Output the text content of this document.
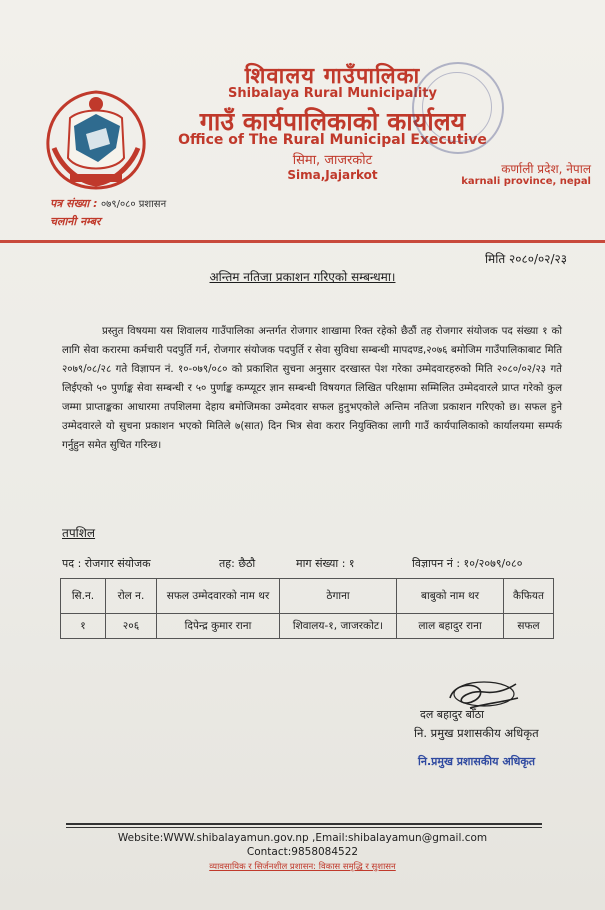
शिवालय गाउँपालिका
Shibalaya Rural Municipality
गाउँ कार्यपालिकाको कार्यालय
Office of The Rural Municipal Executive
सिमा, जाजरकोट
Sima,Jajarkot	कर्णाली प्रदेश, नेपाल
karnali province, nepal
पत्र संख्या : ०७९/०८० प्रशासन
चलानी नम्बर
मिति २०८०/०२/२३
अन्तिम नतिजा प्रकाशन गरिएको सम्बन्धमा।
प्रस्तुत विषयमा यस शिवालय गाउँपालिका अन्तर्गत रोजगार शाखामा रिक्त रहेको छैठौं तह रोजगार संयोजक पद संख्या १ को लागि सेवा करारमा कर्मचारी पदपुर्ति गर्न, रोजगार संयोजक पदपुर्ति र सेवा सुविधा सम्बन्धी मापदण्ड,२०७६ बमोजिम गाउँपालिकाबाट मिति २०७९/०८/२८ गते विज्ञापन नं. १०-०७९/०८० को प्रकाशित सुचना अनुसार दरखास्त पेश गरेका उम्मेदवारहरुको मिति २०८०/०२/२३ गते लिईएको ५० पुर्णाङ्क सेवा सम्बन्धी र ५० पुर्णाङ्क कम्प्यूटर ज्ञान सम्बन्धी विषयगत लिखित परिक्षामा सम्मिलित उम्मेदवारले प्राप्त गरेको कुल जम्मा प्राप्ताङ्कका आधारमा तपशिलमा देहाय बमोजिमका उम्मेदवार सफल हुनुभएकोले अन्तिम नतिजा प्रकाशन गरिएको छ। सफल हुने उम्मेदवारले यो सुचना प्रकाशन भएको मितिले ७(सात) दिन भित्र सेवा करार नियुक्तिका लागी गाउँ कार्यपालिकाको कार्यालयमा सम्पर्क गर्नुहुन समेत सुचित गरिन्छ।
तपशिल
पद : रोजगार संयोजक	तह: छैठौ	माग संख्या : १	विज्ञापन नं : १०/२०७९/०८०
सि.न.	रोल न.	सफल उम्मेदवारको नाम थर	ठेगाना	बाबुको नाम थर	कैफियत
१	२०६	दिपेन्द्र कुमार राना	शिवालय-१, जाजरकोट।	लाल बहादुर राना	सफल
दल बहादुर बोँठा
नि. प्रमुख प्रशासकीय अधिकृत
नि.प्रमुख प्रशासकीय अधिकृत
Website:WWW.shibalayamun.gov.np ,Email:shibalayamun@gmail.com
Contact:9858084522
व्यावसायिक र सिर्जनशील प्रशासन: विकास समृद्धि र सुशासन
